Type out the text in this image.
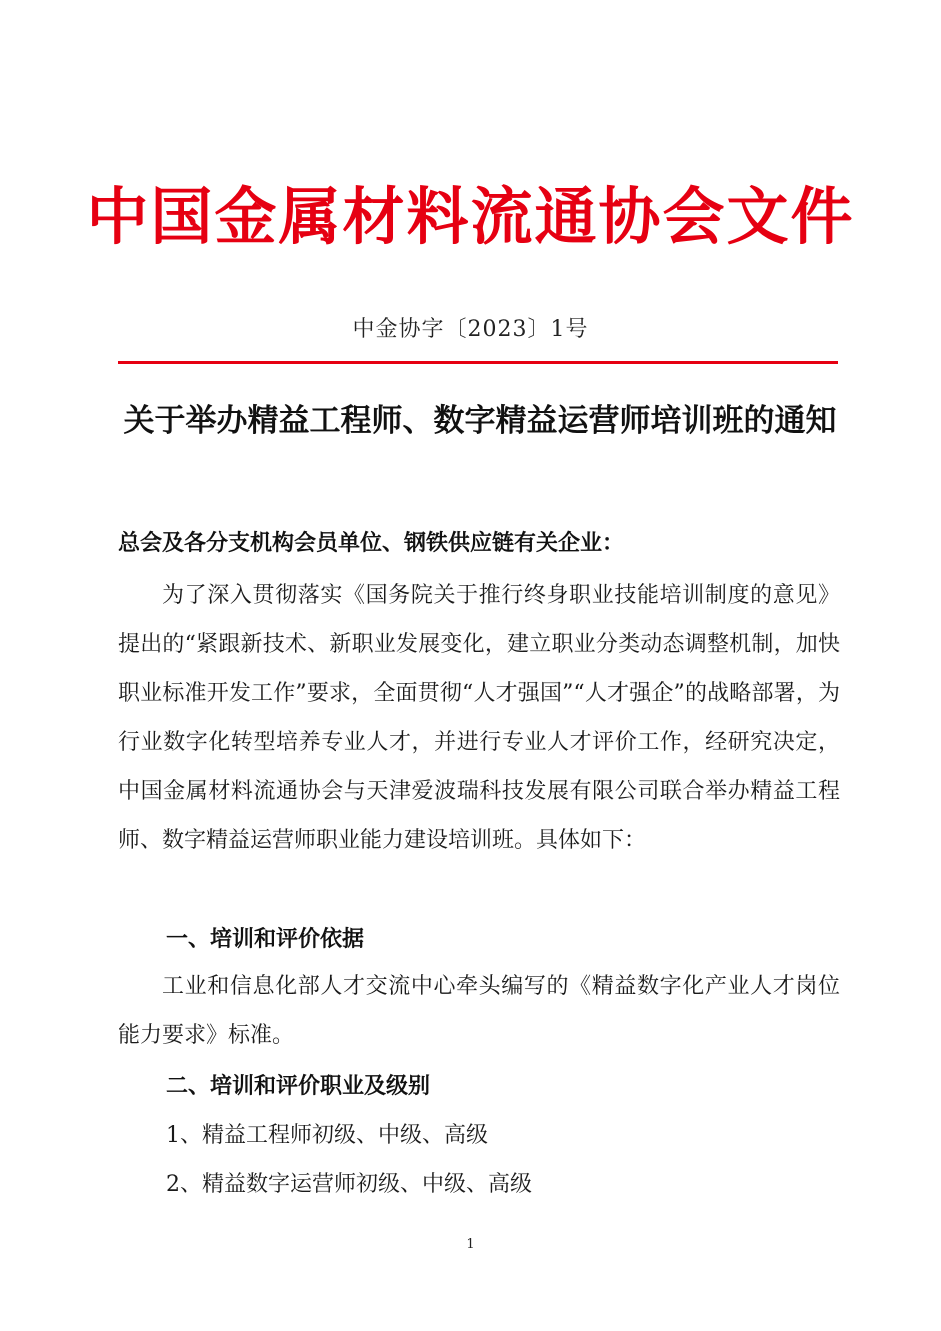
中国金属材料流通协会文件
中金协字〔2023〕1号
关于举办精益工程师、数字精益运营师培训班的通知
总会及各分支机构会员单位、钢铁供应链有关企业：
为了深入贯彻落实《国务院关于推行终身职业技能培训制度的意见》 提出的“紧跟新技术、新职业发展变化，建立职业分类动态调整机制，加快职业标准开发工作”要求，全面贯彻“人才强国”“人才强企”的战略部署，为行业数字化转型培养专业人才，并进行专业人才评价工作，经研究决定，中国金属材料流通协会与天津爱波瑞科技发展有限公司联合举办精益工程师、数字精益运营师职业能力建设培训班。具体如下：
一、培训和评价依据
工业和信息化部人才交流中心牵头编写的《精益数字化产业人才岗位能力要求》标准。
二、培训和评价职业及级别
1、精益工程师初级、中级、高级
2、精益数字运营师初级、中级、高级
1
